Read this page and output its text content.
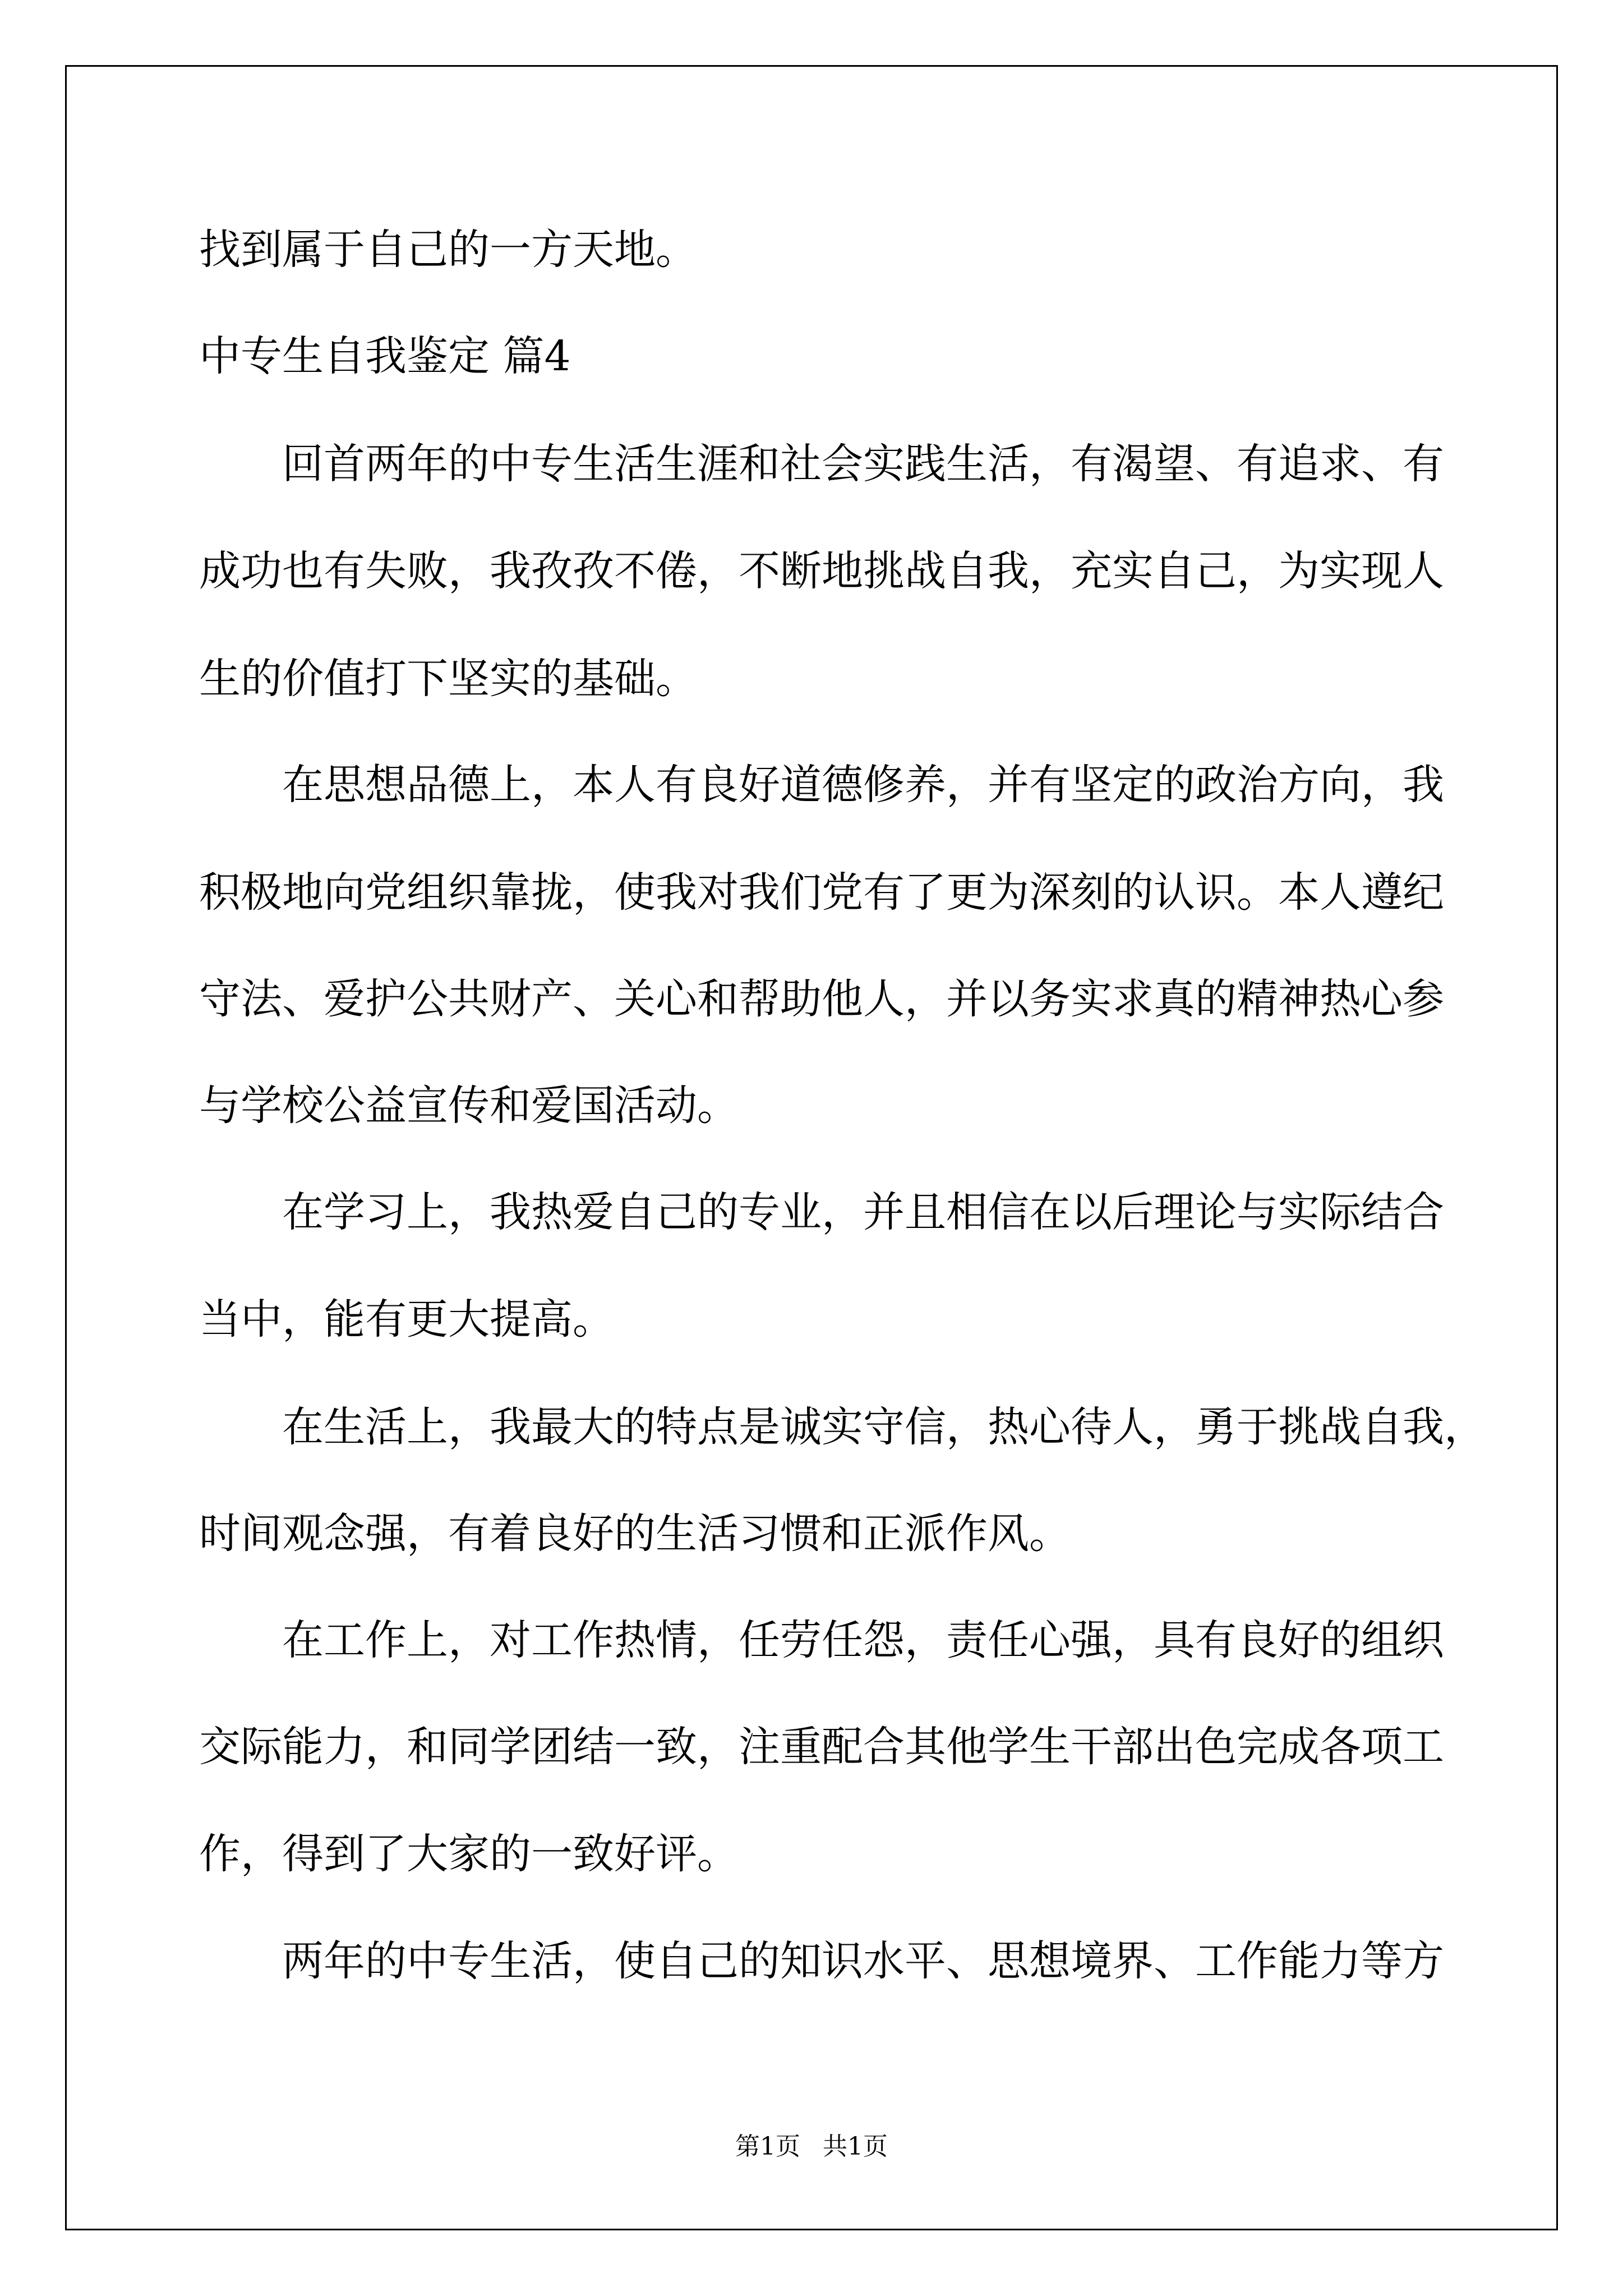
找到属于自己的一方天地。

中专生自我鉴定 篇4

回首两年的中专生活生涯和社会实践生活，有渴望、有追求、有

成功也有失败，我孜孜不倦，不断地挑战自我，充实自己，为实现人

生的价值打下坚实的基础。

在思想品德上，本人有良好道德修养，并有坚定的政治方向，我

积极地向党组织靠拢，使我对我们党有了更为深刻的认识。本人遵纪

守法、爱护公共财产、关心和帮助他人，并以务实求真的精神热心参

与学校公益宣传和爱国活动。

在学习上，我热爱自己的专业，并且相信在以后理论与实际结合

当中，能有更大提高。

在生活上，我最大的特点是诚实守信，热心待人，勇于挑战自我，

时间观念强，有着良好的生活习惯和正派作风。

在工作上，对工作热情，任劳任怨，责任心强，具有良好的组织

交际能力，和同学团结一致，注重配合其他学生干部出色完成各项工

作，得到了大家的一致好评。

两年的中专生活，使自己的知识水平、思想境界、工作能力等方

第1页 共1页
